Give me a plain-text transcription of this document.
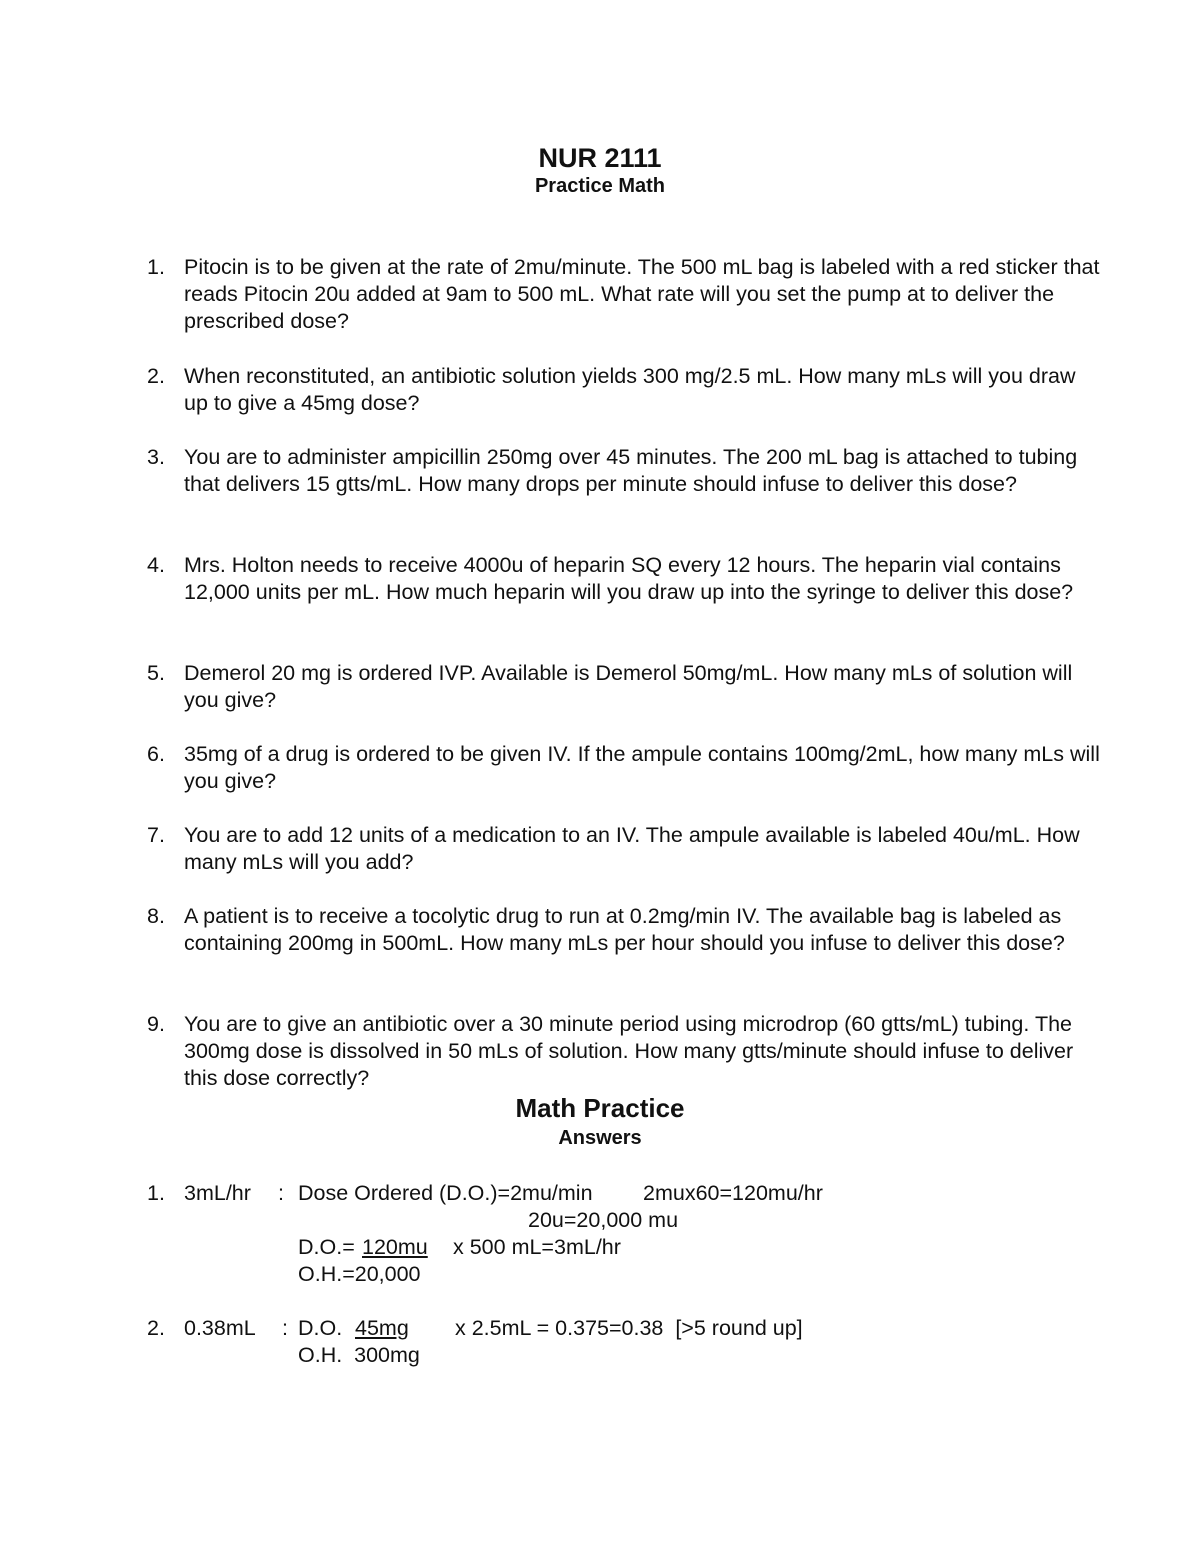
NUR 2111
Practice Math
1. Pitocin is to be given at the rate of 2mu/minute. The 500 mL bag is labeled with a red sticker that reads Pitocin 20u added at 9am to 500 mL. What rate will you set the pump at to deliver the prescribed dose?
2. When reconstituted, an antibiotic solution yields 300 mg/2.5 mL. How many mLs will you draw up to give a 45mg dose?
3. You are to administer ampicillin 250mg over 45 minutes. The 200 mL bag is attached to tubing that delivers 15 gtts/mL. How many drops per minute should infuse to deliver this dose?
4. Mrs. Holton needs to receive 4000u of heparin SQ every 12 hours. The heparin vial contains 12,000 units per mL. How much heparin will you draw up into the syringe to deliver this dose?
5. Demerol 20 mg is ordered IVP. Available is Demerol 50mg/mL. How many mLs of solution will you give?
6. 35mg of a drug is ordered to be given IV. If the ampule contains 100mg/2mL, how many mLs will you give?
7. You are to add 12 units of a medication to an IV. The ampule available is labeled 40u/mL. How many mLs will you add?
8. A patient is to receive a tocolytic drug to run at 0.2mg/min IV. The available bag is labeled as containing 200mg in 500mL. How many mLs per hour should you infuse to deliver this dose?
9. You are to give an antibiotic over a 30 minute period using microdrop (60 gtts/mL) tubing. The 300mg dose is dissolved in 50 mLs of solution. How many gtts/minute should infuse to deliver this dose correctly?
Math Practice
Answers
1. 3mL/hr : Dose Ordered (D.O.)=2mu/min 2mux60=120mu/hr
20u=20,000 mu
D.O.= 120mu	x 500 mL=3mL/hr
O.H.=20,000
2. 0.38mL : D.O. 45mg	x 2.5mL = 0.375=0.38  [>5 round up]
O.H.  300mg
